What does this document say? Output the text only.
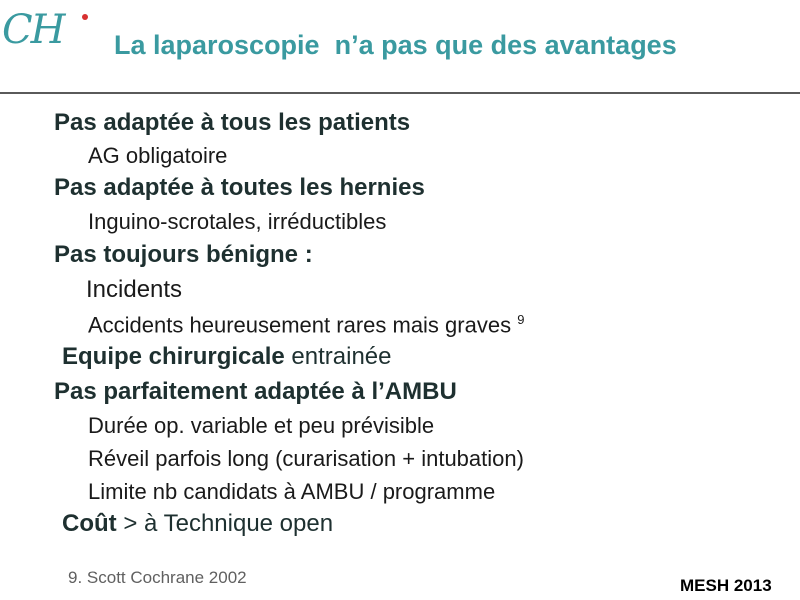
CH La laparoscopie  n’a pas que des avantages
Pas adaptée à tous les patients
AG obligatoire
Pas adaptée à toutes les hernies
Inguino-scrotales, irréductibles
Pas toujours bénigne :
Incidents
Accidents heureusement rares mais graves $^9$
Equipe chirurgicale entrainée
Pas parfaitement adaptée à l’AMBU
Durée op. variable et peu prévisible
Réveil parfois long (curarisation + intubation)
Limite nb candidats à AMBU / programme
Coût > à Technique open
9. Scott Cochrane 2002	MESH 2013
